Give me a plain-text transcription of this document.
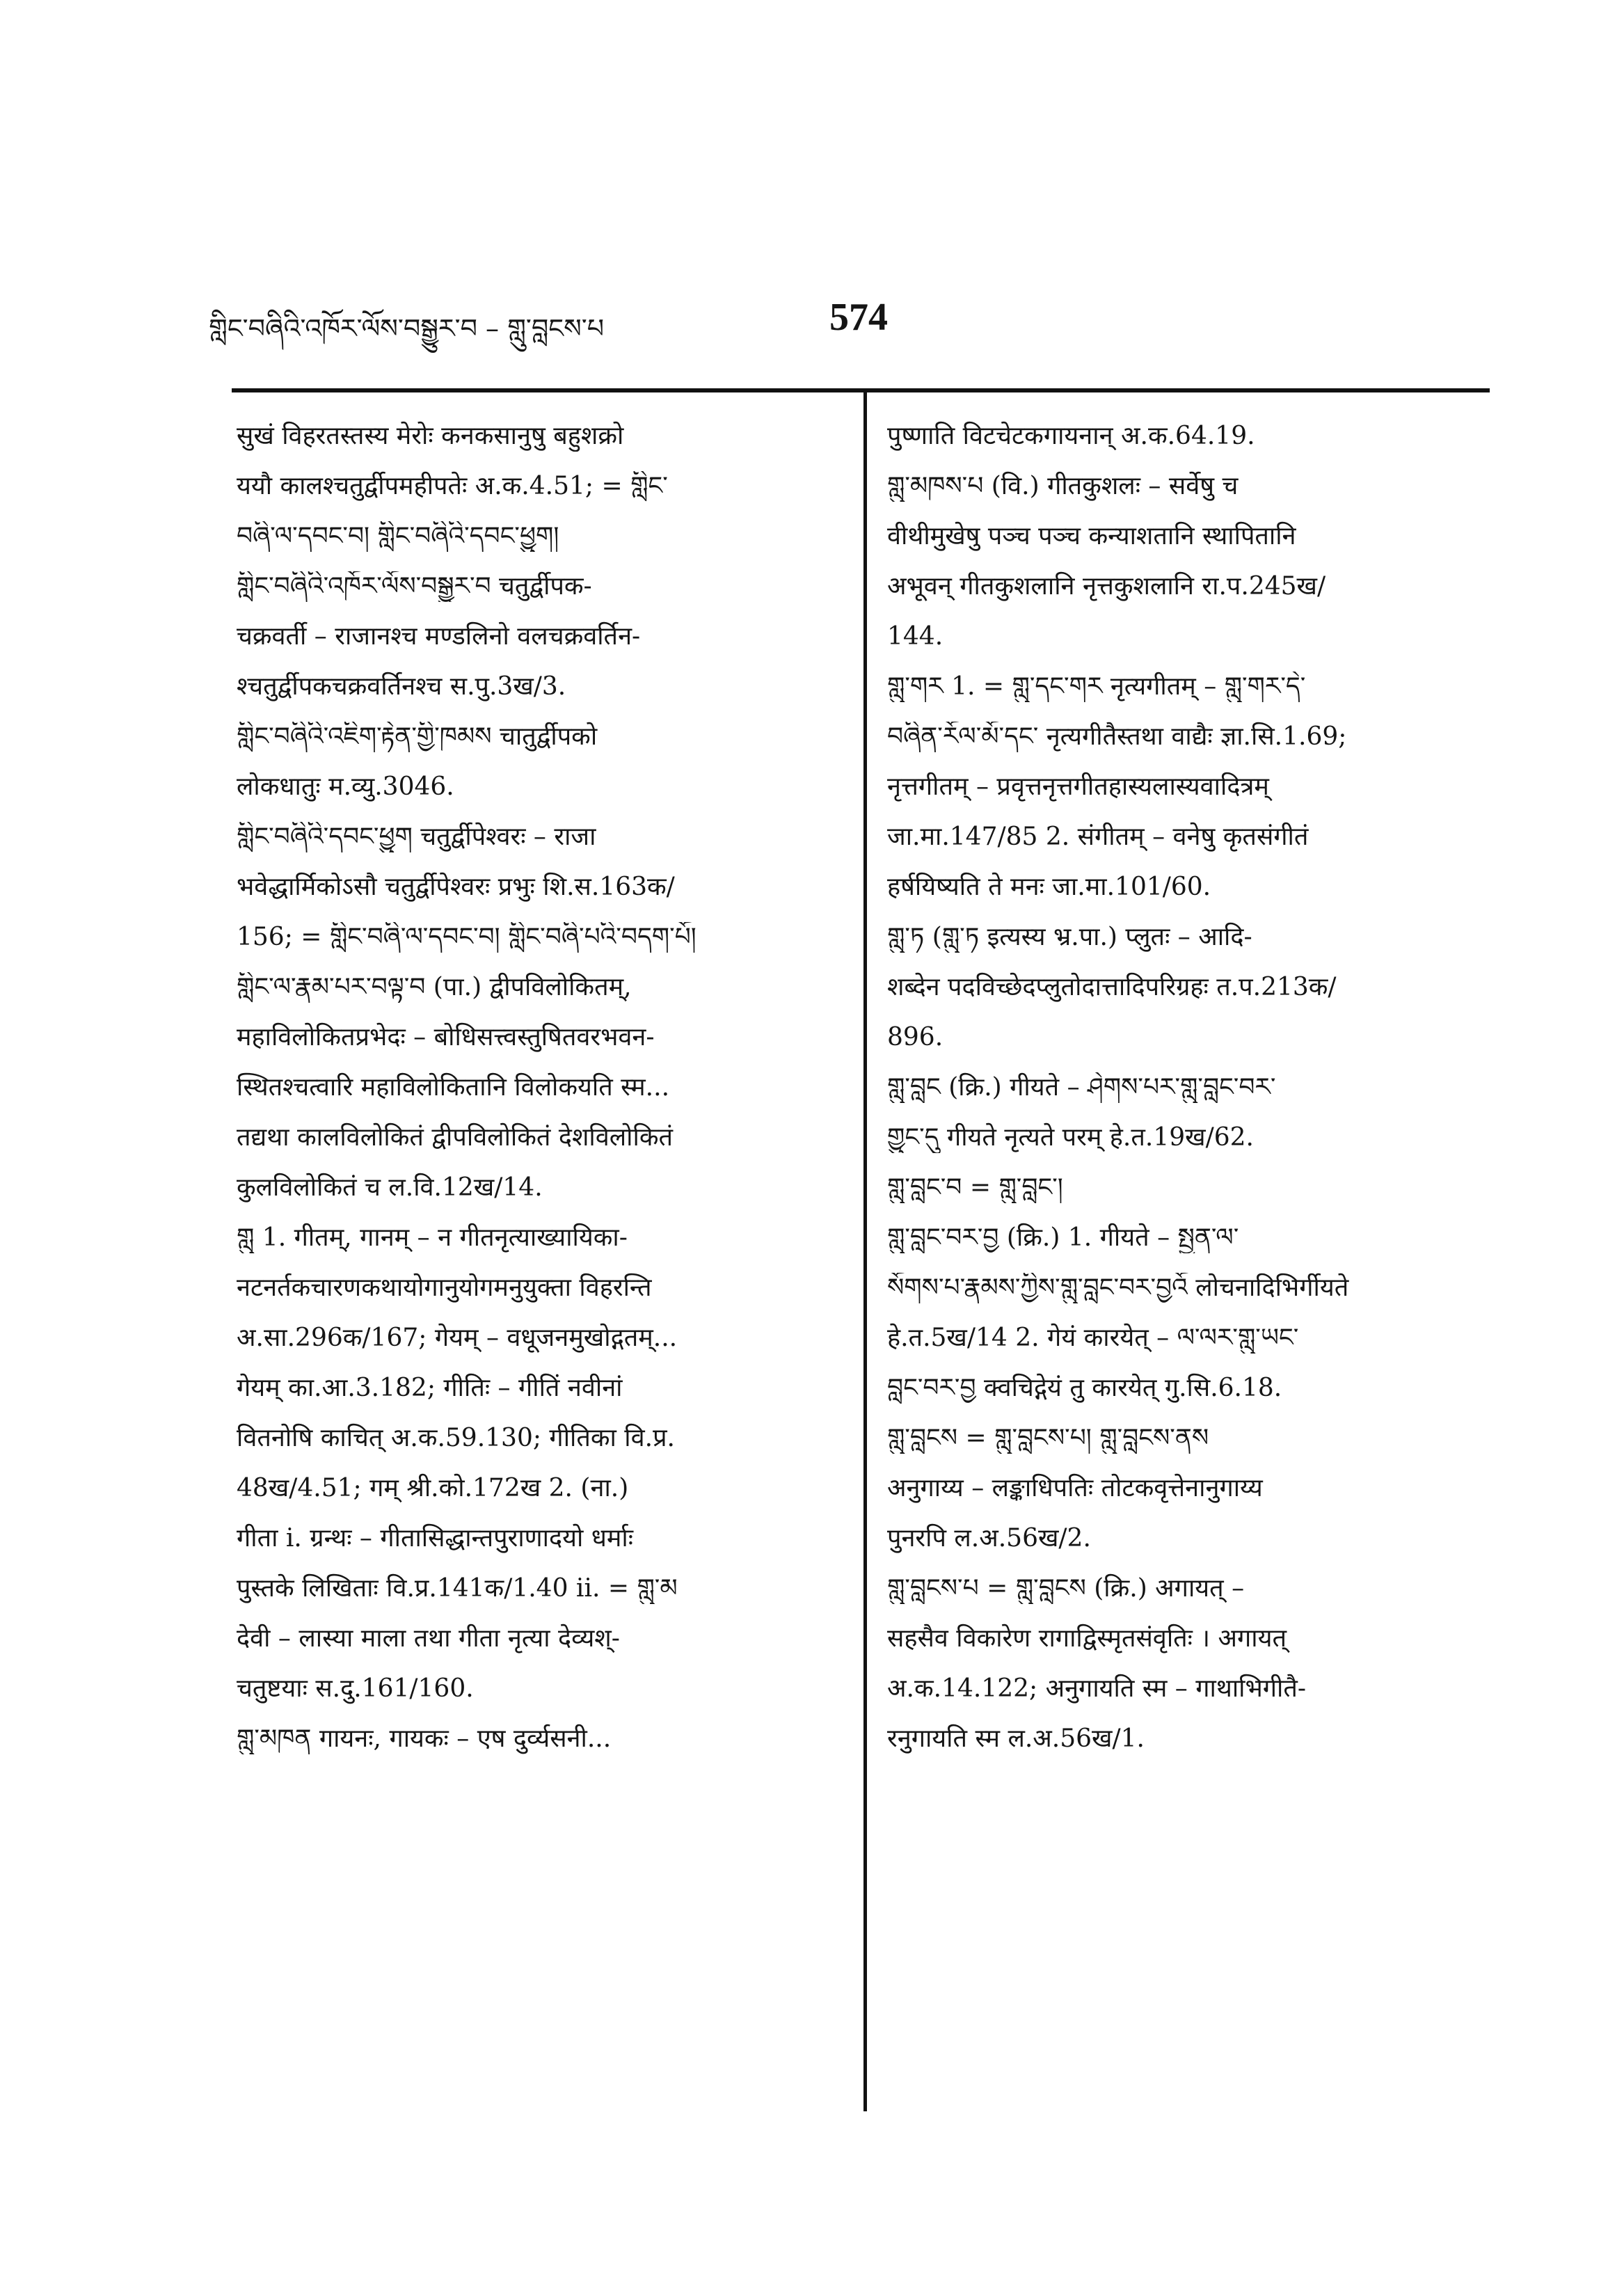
གླིང་བཞིའི་འཁོར་ལོས་བསྒྱུར་བ – གླུ་བླངས་པ	574
सुखं विहरतस्तस्य मेरोः कनकसानुषु बहुशक्रो
ययौ कालश्चतुर्द्वीपमहीपतेः अ.क.4.51; = གླིང་
བཞི་ལ་དབང་བ། གླིང་བཞིའི་དབང་ཕྱུག།
གླིང་བཞིའི་འཁོར་ལོས་བསྒྱུར་བ चतुर्द्वीपक-
चक्रवर्ती – राजानश्च मण्डलिनो वलचक्रवर्तिन-
श्चतुर्द्वीपकचक्रवर्तिनश्च स.पु.3ख/3.
གླིང་བཞིའི་འཇིག་རྟེན་གྱི་ཁམས चातुर्द्वीपको
लोकधातुः म.व्यु.3046.
གླིང་བཞིའི་དབང་ཕྱུག चतुर्द्वीपेश्वरः – राजा
भवेद्धार्मिकोऽसौ चतुर्द्वीपेश्वरः प्रभुः शि.स.163क/
156; = གླིང་བཞི་ལ་དབང་བ། གླིང་བཞི་པའི་བདག་པོ།
གླིང་ལ་རྣམ་པར་བལྟ་བ (पा.) द्वीपविलोकितम्,
महाविलोकितप्रभेदः – बोधिसत्त्वस्तुषितवरभवन-
स्थितश्चत्वारि महाविलोकितानि विलोकयति स्म...
तद्यथा कालविलोकितं द्वीपविलोकितं देशविलोकितं
कुलविलोकितं च ल.वि.12ख/14.
གླུ 1. गीतम्, गानम् – न गीतनृत्याख्यायिका-
नटनर्तकचारणकथायोगानुयोगमनुयुक्ता विहरन्ति
अ.सा.296क/167; गेयम् – वधूजनमुखोद्गतम्...
गेयम् का.आ.3.182; गीतिः – गीतिं नवीनां
वितनोषि काचित् अ.क.59.130; गीतिका वि.प्र.
48ख/4.51; गम् श्री.को.172ख 2. (ना.)
गीता i. ग्रन्थः – गीतासिद्धान्तपुराणादयो धर्माः
पुस्तके लिखिताः वि.प्र.141क/1.40 ii. = གླུ་མ
देवी – लास्या माला तथा गीता नृत्या देव्यश्-
चतुष्टयाः स.दु.161/160.
གླུ་མཁན गायनः, गायकः – एष दुर्व्यसनी...
पुष्णाति विटचेटकगायनान् अ.क.64.19.
གླུ་མཁས་པ (वि.) गीतकुशलः – सर्वेषु च
वीथीमुखेषु पञ्च पञ्च कन्याशतानि स्थापितानि
अभूवन् गीतकुशलानि नृत्तकुशलानि रा.प.245ख/
144.
གླུ་གར 1. = གླུ་དང་གར नृत्यगीतम् – གླུ་གར་དེ་
བཞིན་རོལ་མོ་དང་ नृत्यगीतैस्तथा वाद्यैः ज्ञा.सि.1.69;
नृत्तगीतम् – प्रवृत्तनृत्तगीतहास्यलास्यवादित्रम्
जा.मा.147/85 2. संगीतम् – वनेषु कृतसंगीतं
हर्षयिष्यति ते मनः जा.मा.101/60.
གླུ་ཏ (གླུ་ཏ इत्यस्य भ्र.पा.) प्लुतः – आदि-
शब्देन पदविच्छेदप्लुतोदात्तादिपरिग्रहः त.प.213क/
896.
གླུ་བླང (क्रि.) गीयते – ཤེགས་པར་གླུ་བླང་བར་
གྱུང་དུ गीयते नृत्यते परम् हे.त.19ख/62.
གླུ་བླང་བ = གླུ་བླང་།
གླུ་བླང་བར་བྱ (क्रि.) 1. गीयते – སྤྱན་ལ་
སོགས་པ་རྣམས་ཀྱིས་གླུ་བླང་བར་བྱའོ लोचनादिभिर्गीयते
हे.त.5ख/14 2. गेयं कारयेत् – ལ་ལར་གླུ་ཡང་
བླང་བར་བྱ क्वचिद्गेयं तु कारयेत् गु.सि.6.18.
གླུ་བླངས = གླུ་བླངས་པ། གླུ་བླངས་ནས
अनुगाय्य – लङ्काधिपतिः तोटकवृत्तेनानुगाय्य
पुनरपि ल.अ.56ख/2.
གླུ་བླངས་པ = གླུ་བླངས (क्रि.) अगायत् –
सहसैव विकारेण रागाद्विस्मृतसंवृतिः । अगायत्
अ.क.14.122; अनुगायति स्म – गाथाभिगीतै-
रनुगायति स्म ल.अ.56ख/1.
